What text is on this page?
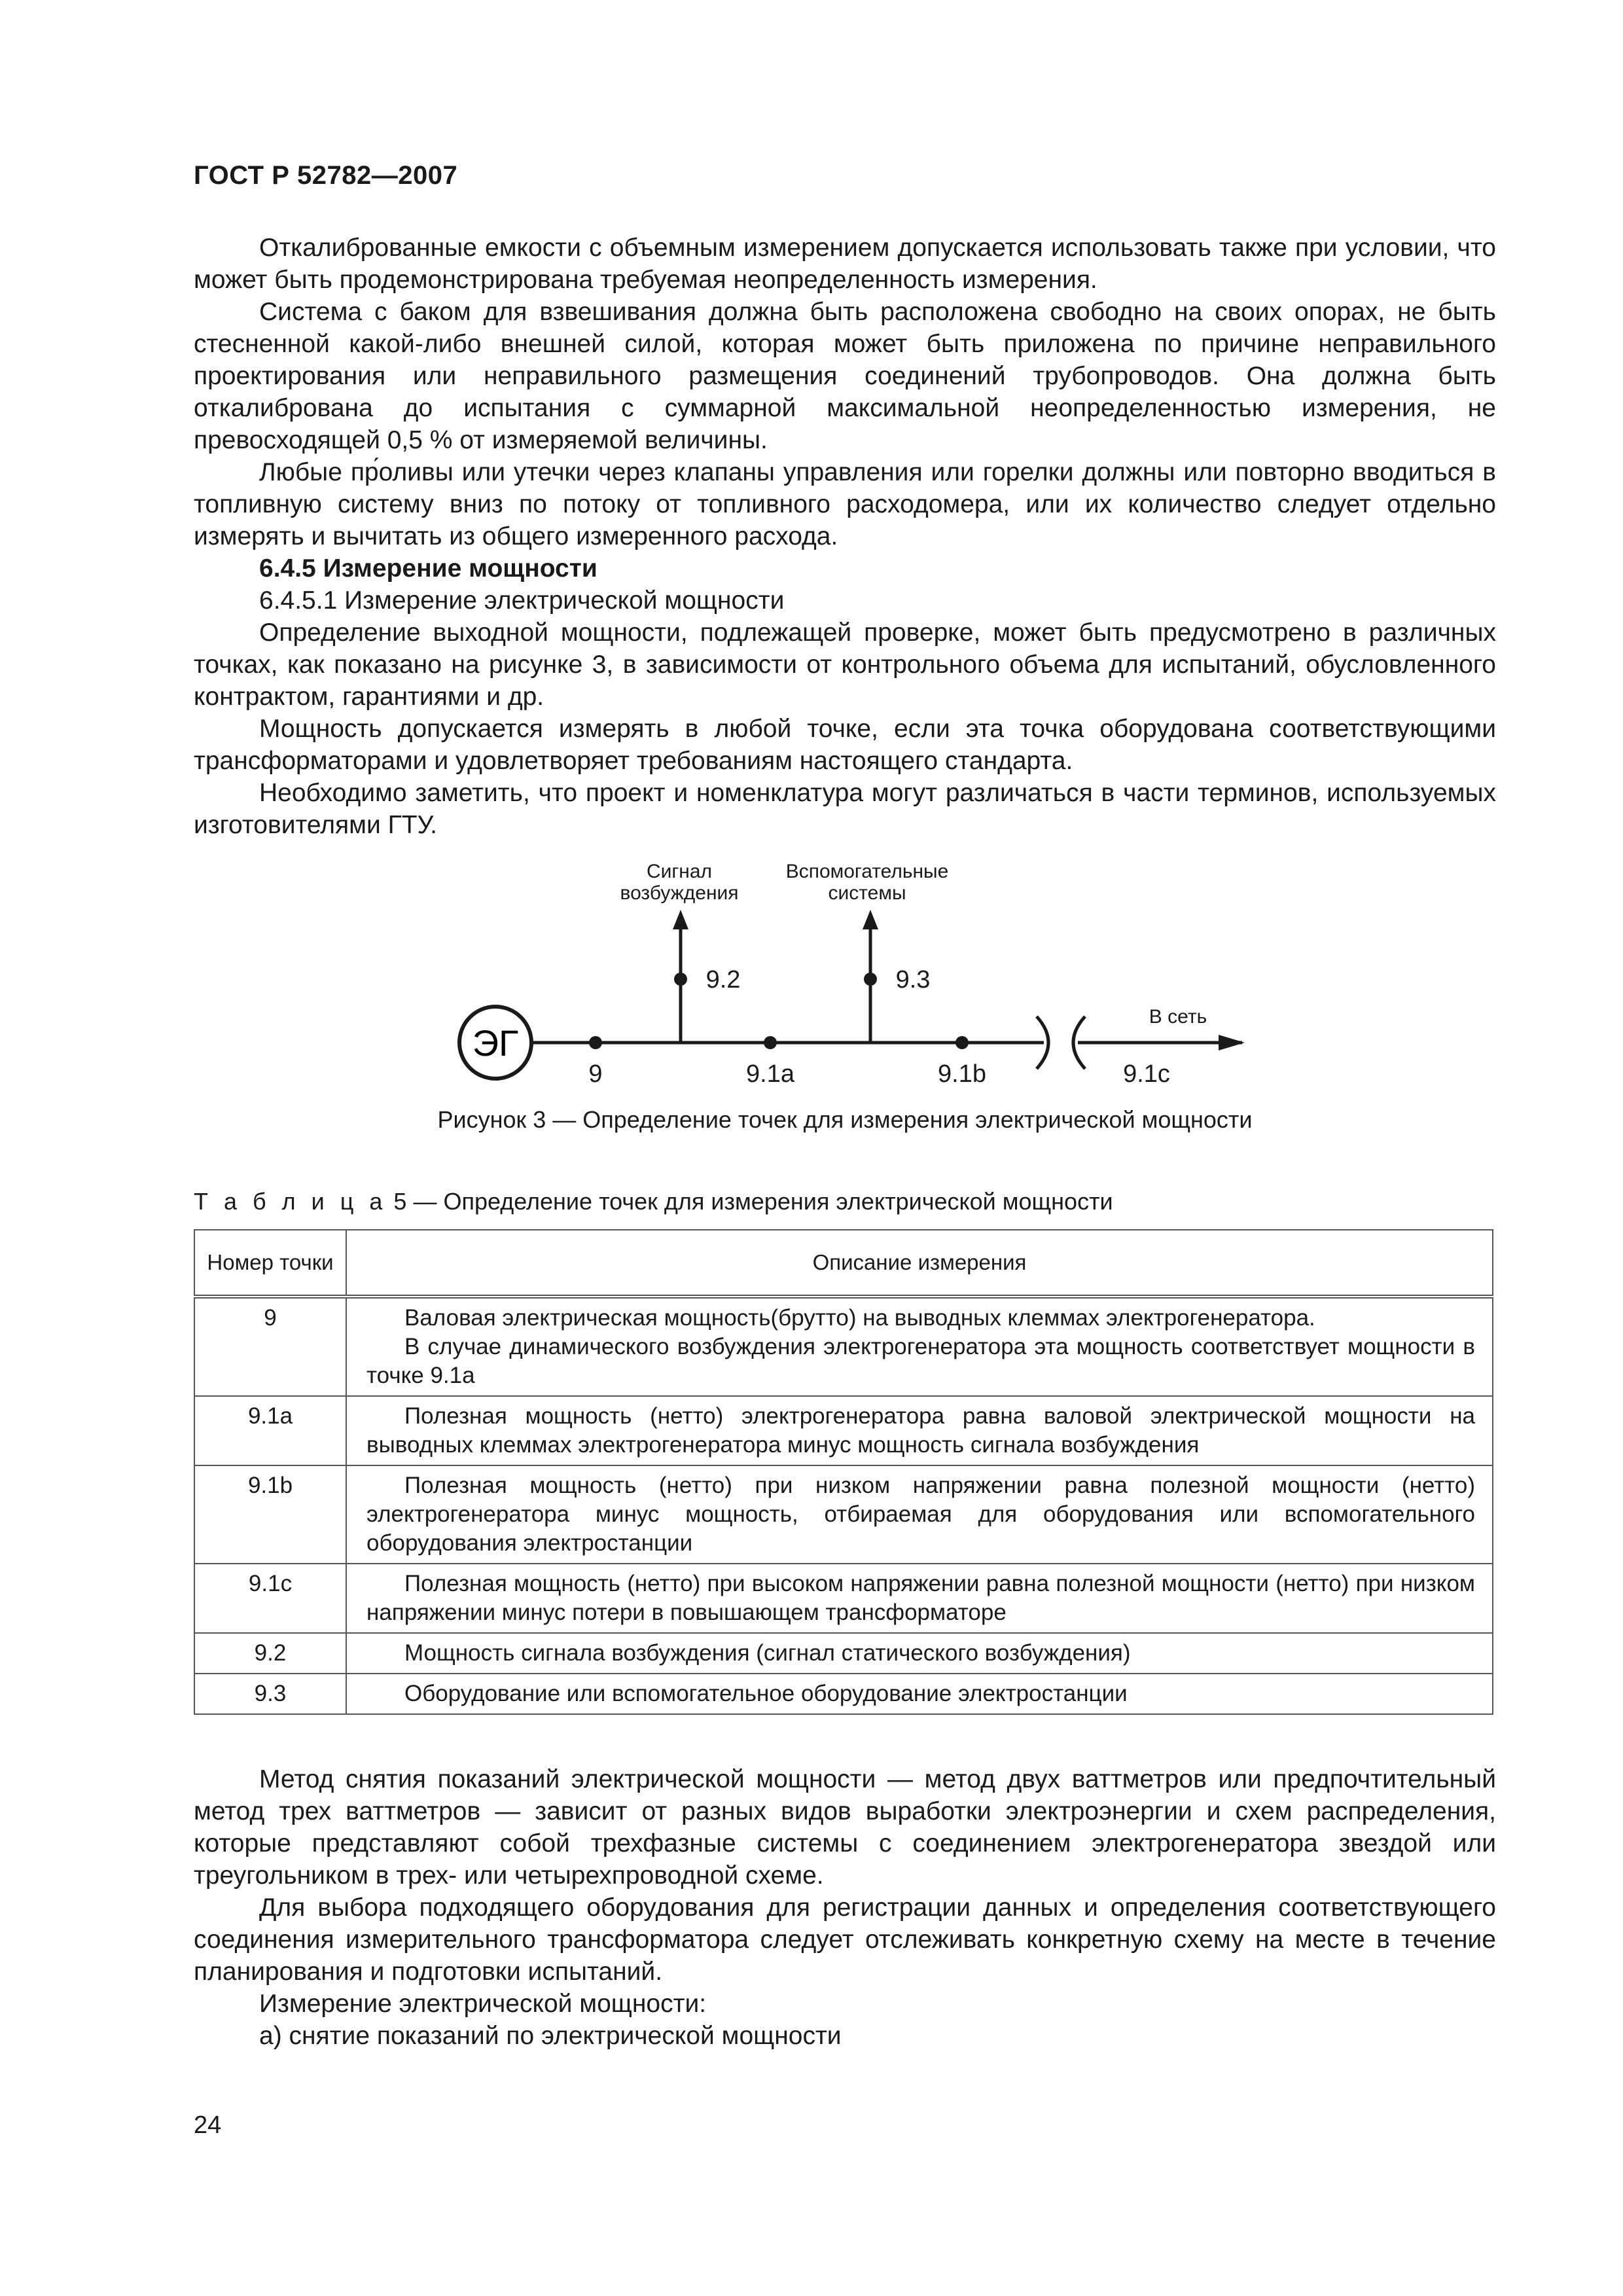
ГОСТ Р 52782—2007

Откалиброванные емкости с объемным измерением допускается использовать также при условии, что может быть продемонстрирована требуемая неопределенность измерения.

Система с баком для взвешивания должна быть расположена свободно на своих опорах, не быть стесненной какой-либо внешней силой, которая может быть приложена по причине неправильного проектирования или неправильного размещения соединений трубопроводов. Она должна быть откалибрована до испытания с суммарной максимальной неопределенностью измерения, не превосходящей 0,5 % от измеряемой величины.

Любые пр́оливы или утечки через клапаны управления или горелки должны или повторно вводиться в топливную систему вниз по потоку от топливного расходомера, или их количество следует отдельно измерять и вычитать из общего измеренного расхода.

6.4.5 Измерение мощности

6.4.5.1 Измерение электрической мощности

Определение выходной мощности, подлежащей проверке, может быть предусмотрено в различных точках, как показано на рисунке 3, в зависимости от контрольного объема для испытаний, обусловленного контрактом, гарантиями и др.

Мощность допускается измерять в любой точке, если эта точка оборудована соответствующими трансформаторами и удовлетворяет требованиям настоящего стандарта.

Необходимо заметить, что проект и номенклатура могут различаться в части терминов, используемых изготовителями ГТУ.

ЭГ
Сигнал
возбуждения
Вспомогательные
системы
В сеть
9	9.1a	9.1b	9.1c
9.2	9.3
Рисунок 3 — Определение точек для измерения электрической мощности
Т а б л и ц а 5 — Определение точек для измерения электрической мощности
Номер точки	Описание измерения
9	Валовая электрическая мощность(брутто) на выводных клеммах электрогенератора.

В случае динамического возбуждения электрогенератора эта мощность соответствует мощности в точке 9.1a

9.1a	Полезная мощность (нетто) электрогенератора равна валовой электрической мощности на выводных клеммах электрогенератора минус мощность сигнала возбуждения

9.1b	Полезная мощность (нетто) при низком напряжении равна полезной мощности (нетто) электрогенератора минус мощность, отбираемая для оборудования или вспомогательного оборудования электростанции

9.1c	Полезная мощность (нетто) при высоком напряжении равна полезной мощности (нетто) при низком напряжении минус потери в повышающем трансформаторе

9.2	Мощность сигнала возбуждения (сигнал статического возбуждения)

9.3	Оборудование или вспомогательное оборудование электростанции

Метод снятия показаний электрической мощности — метод двух ваттметров или предпочтительный метод трех ваттметров — зависит от разных видов выработки электроэнергии и схем распределения, которые представляют собой трехфазные системы с соединением электрогенератора звездой или треугольником в трех- или четырехпроводной схеме.

Для выбора подходящего оборудования для регистрации данных и определения соответствующего соединения измерительного трансформатора следует отслеживать конкретную схему на месте в течение планирования и подготовки испытаний.

Измерение электрической мощности:

а) снятие показаний по электрической мощности

24
